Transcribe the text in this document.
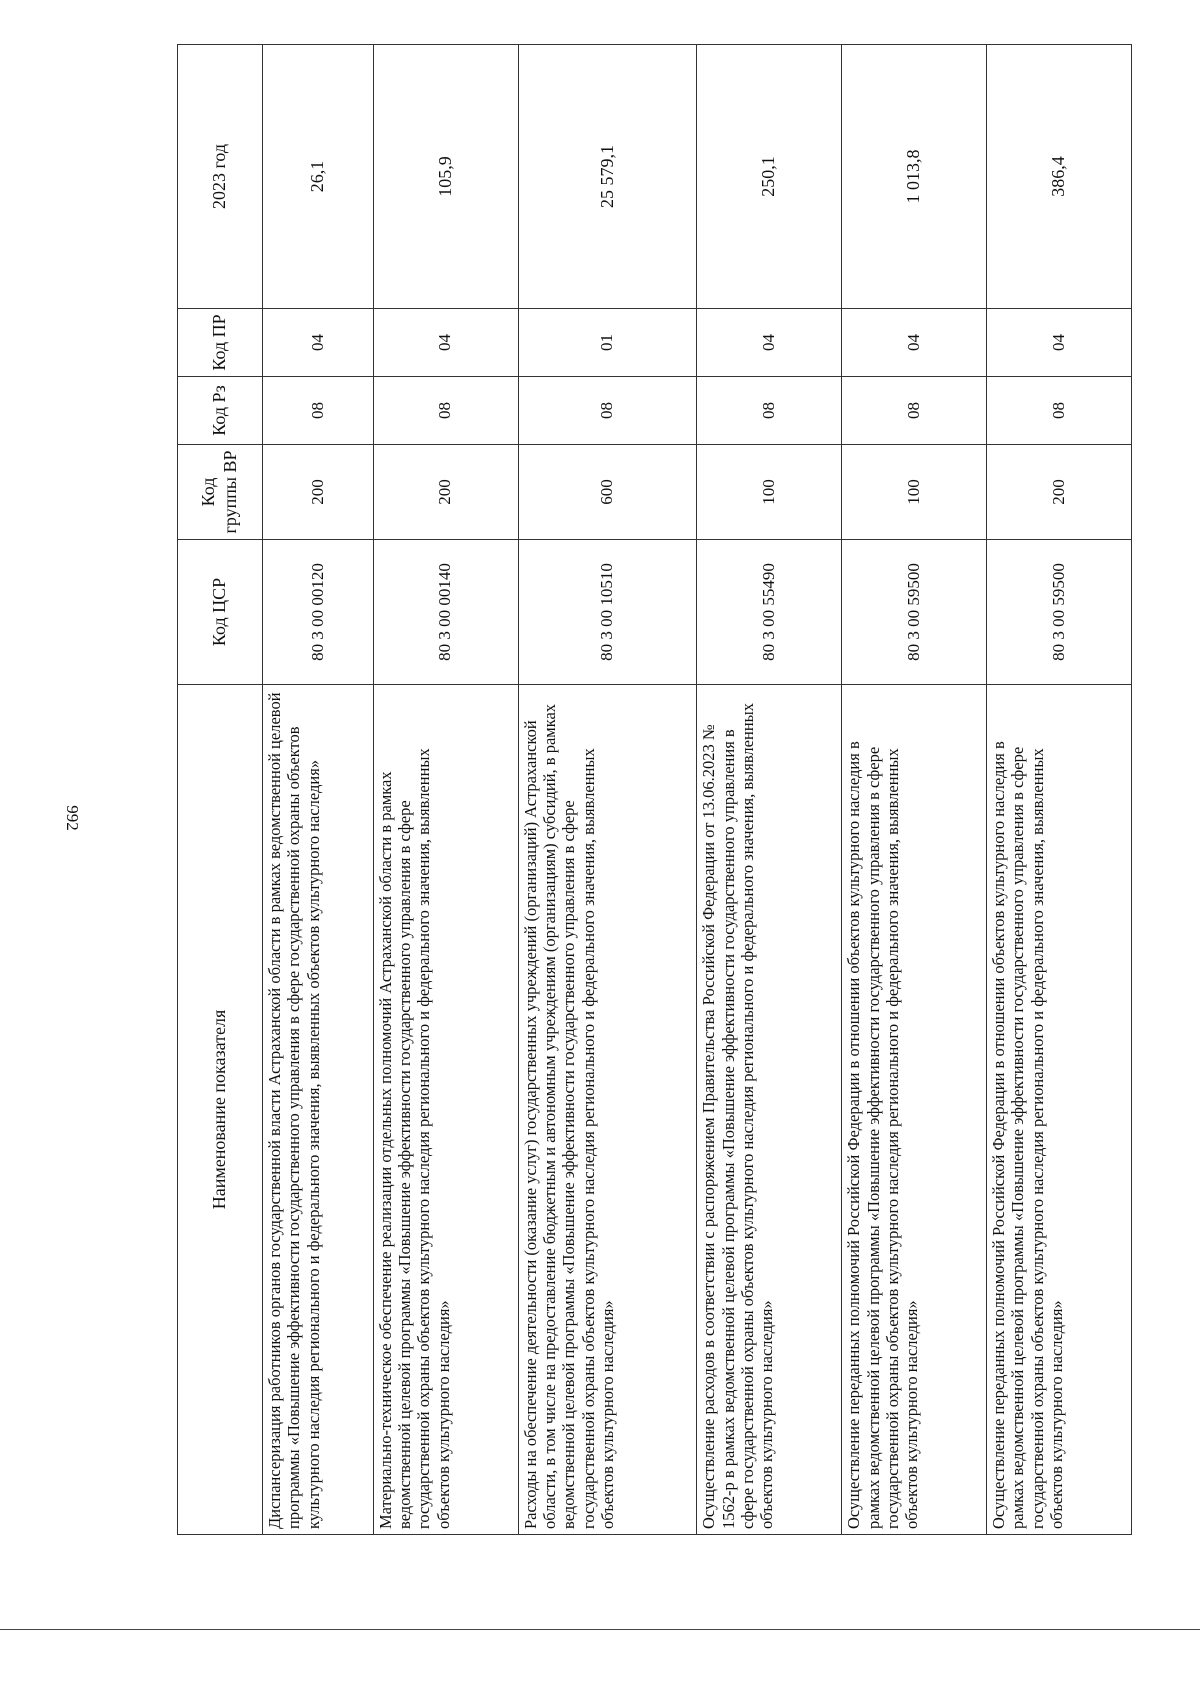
992
Наименование показателя	Код ЦСР	Код группы ВР	Код Рз	Код ПР	2023 год
Диспансеризация работников органов государственной власти Астраханской области в рамках ведомственной целевой программы «Повышение эффективности государственного управления в сфере государственной охраны объектов культурного наследия регионального и федерального значения, выявленных объектов культурного наследия»	80 3 00 00120	200	08	04	26,1
Материально-техническое обеспечение реализации отдельных полномочий Астраханской области в рамках ведомственной целевой программы «Повышение эффективности государственного управления в сфере государственной охраны объектов культурного наследия регионального и федерального значения, выявленных объектов культурного наследия»	80 3 00 00140	200	08	04	105,9
Расходы на обеспечение деятельности (оказание услуг) государственных учреждений (организаций) Астраханской области, в том числе на предоставление бюджетным и автономным учреждениям (организациям) субсидий, в рамках ведомственной целевой программы «Повышение эффективности государственного управления в сфере государственной охраны объектов культурного наследия регионального и федерального значения, выявленных объектов культурного наследия»	80 3 00 10510	600	08	01	25 579,1
Осуществление расходов в соответствии с распоряжением Правительства Российской Федерации от 13.06.2023 № 1562-р в рамках ведомственной целевой программы «Повышение эффективности государственного управления в сфере государственной охраны объектов культурного наследия регионального и федерального значения, выявленных объектов культурного наследия»	80 3 00 55490	100	08	04	250,1
Осуществление переданных полномочий Российской Федерации в отношении объектов культурного наследия в рамках ведомственной целевой программы «Повышение эффективности государственного управления в сфере государственной охраны объектов культурного наследия регионального и федерального значения, выявленных объектов культурного наследия»	80 3 00 59500	100	08	04	1 013,8
Осуществление переданных полномочий Российской Федерации в отношении объектов культурного наследия в рамках ведомственной целевой программы «Повышение эффективности государственного управления в сфере государственной охраны объектов культурного наследия регионального и федерального значения, выявленных объектов культурного наследия»	80 3 00 59500	200	08	04	386,4
